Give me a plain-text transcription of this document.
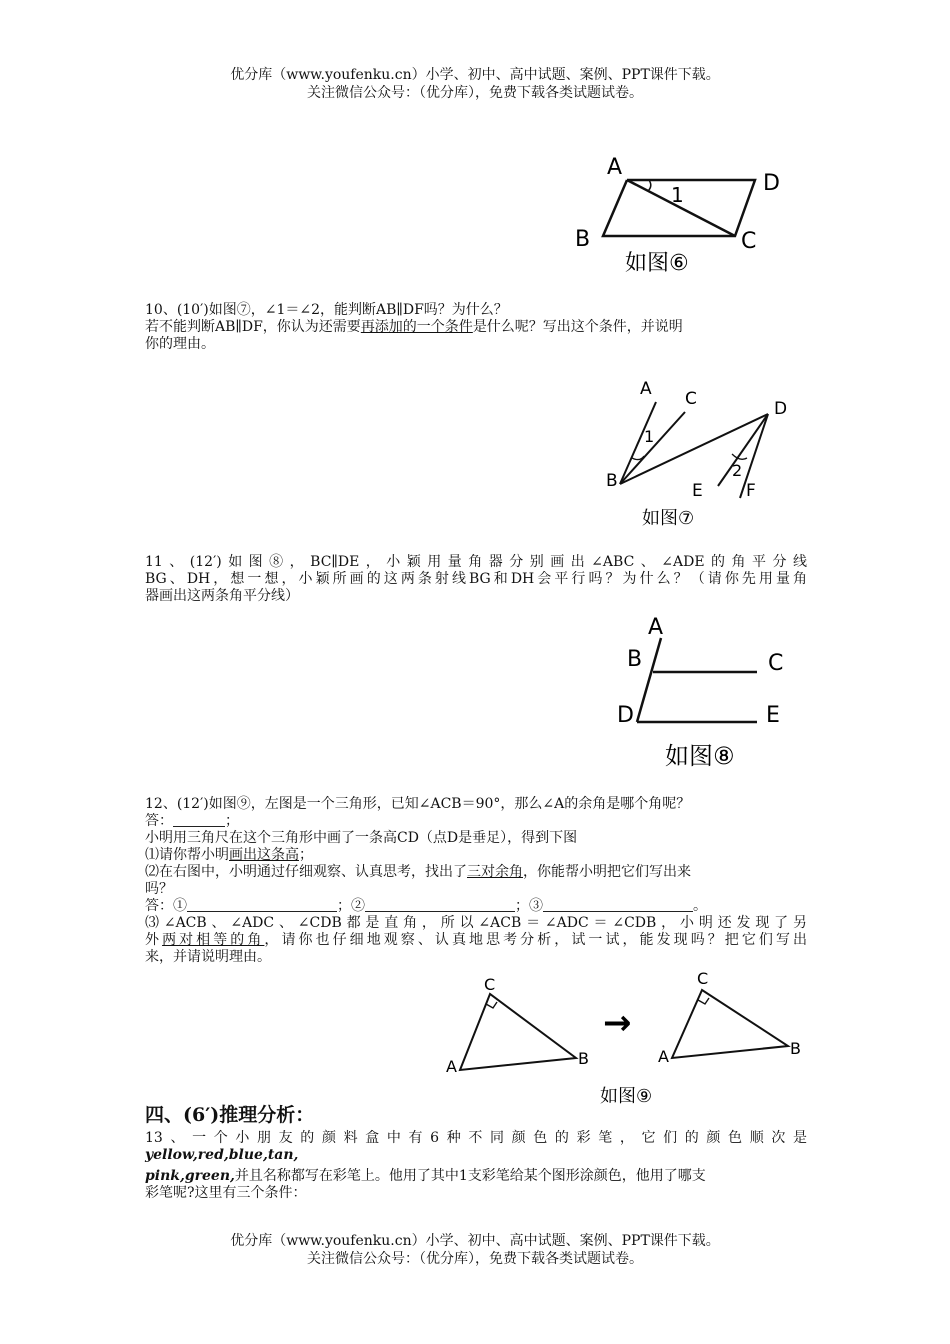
优分库（www.youfenku.cn）小学、初中、高中试题、案例、PPT课件下载。
关注微信公众号：（优分库），免费下载各类试题试卷。
A
D
B	C
1
如图⑥
10、(10′)如图⑦，∠1＝∠2，能判断AB∥DF吗？为什么？
若不能判断AB∥DF，你认为还需要再添加的一个条件是什么呢？写出这个条件，并说明
你的理由。
A C	D
B	E	F
1
2
如图⑦
11、(12′)如图⑧，BC∥DE，小颖用量角器分别画出∠ABC、∠ADE的角平分线
BG、DH，想一想，小颖所画的这两条射线BG和DH会平行吗？为什么？（请你先用量角
器画出这两条角平分线）
A
B	C
D	E
如图⑧
12、(12′)如图⑨，左图是一个三角形，已知∠ACB＝90°，那么∠A的余角是哪个角呢？
答：	；
小明用三角尺在这个三角形中画了一条高CD（点D是垂足），得到下图
⑴请你帮小明画出这条高；
⑵在右图中，小明通过仔细观察、认真思考，找出了三对余角，你能帮小明把它们写出来
吗？
答：①	；②	；③	。
⑶∠ACB、∠ADC、∠CDB都是直角，所以∠ACB＝∠ADC＝∠CDB，小明还发现了另
外两对相等的角，请你也仔细地观察、认真地思考分析，试一试，能发现吗？把它们写出
来，并请说明理由。
C
A	B
→
C
A	B
如图⑨
四、(6′)推理分析：
13、一个小朋友的颜料盒中有6种不同颜色的彩笔，它们的颜色顺次是
yellow,red,blue,tan,
pink,green,并且名称都写在彩笔上。他用了其中1支彩笔给某个图形涂颜色，他用了哪支
彩笔呢?这里有三个条件：
优分库（www.youfenku.cn）小学、初中、高中试题、案例、PPT课件下载。
关注微信公众号：（优分库），免费下载各类试题试卷。
